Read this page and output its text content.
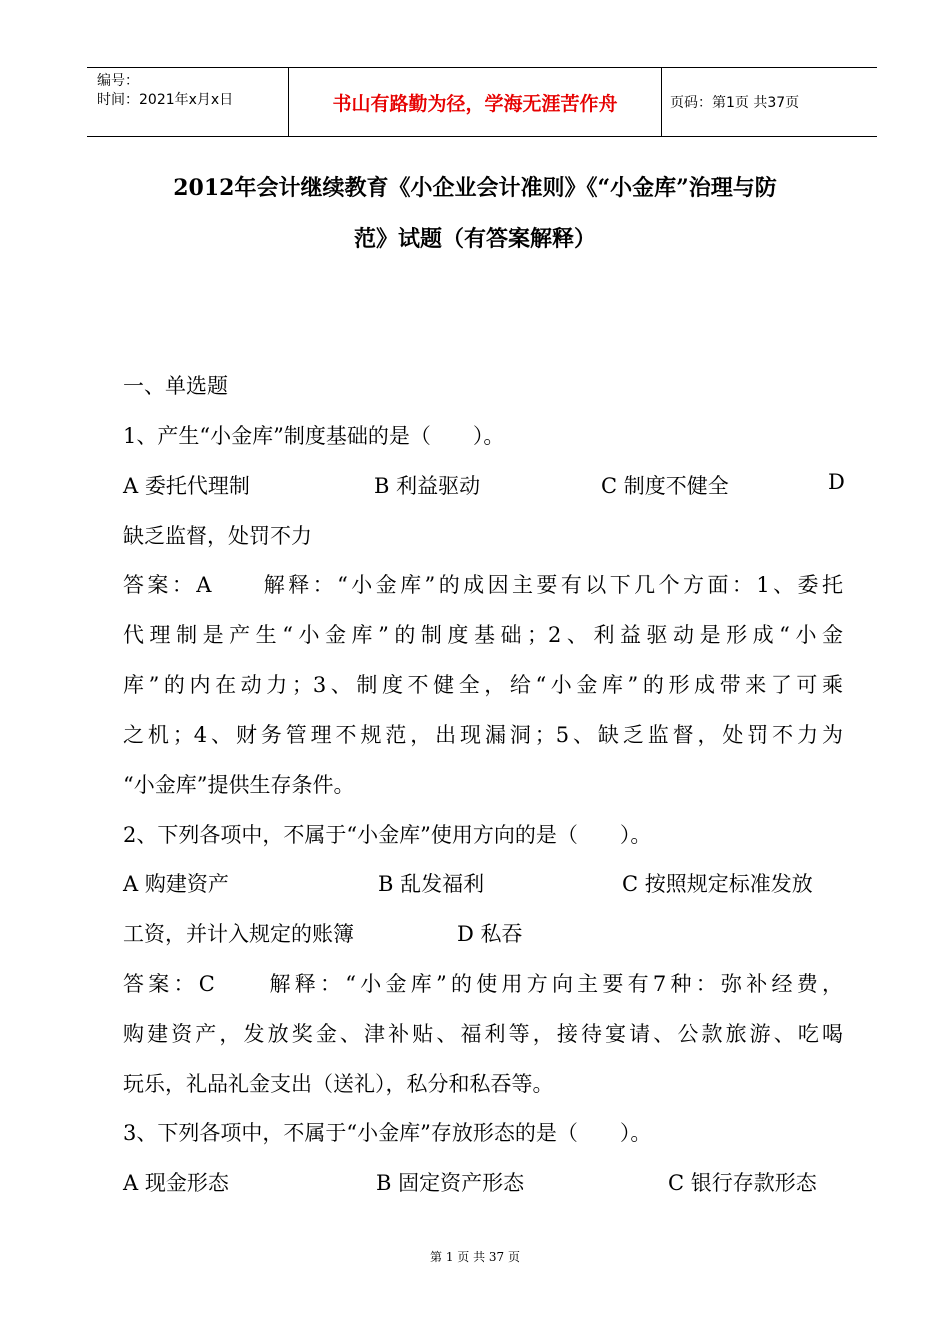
编号：
时间：2021年x月x日	书山有路勤为径，学海无涯苦作舟	页码：第1页 共37页
2012年会计继续教育《小企业会计准则》《“小金库”治理与防
范》试题（有答案解释）
一、单选题
1、产生“小金库”制度基础的是（　　）。
A 委托代理制	B 利益驱动	C 制度不健全	D
缺乏监督，处罚不力
答案：A　　解释：“小金库”的成因主要有以下几个方面：1、委托
代理制是产生“小金库”的制度基础；2、利益驱动是形成“小金
库”的内在动力；3、制度不健全，给“小金库”的形成带来了可乘
之机；4、财务管理不规范，出现漏洞；5、缺乏监督，处罚不力为
“小金库”提供生存条件。
2、下列各项中，不属于“小金库”使用方向的是（　　）。
A 购建资产	B 乱发福利	C 按照规定标准发放
工资，并计入规定的账簿	D 私吞
答案：C　　解释：“小金库”的使用方向主要有7种：弥补经费，
购建资产，发放奖金、津补贴、福利等，接待宴请、公款旅游、吃喝
玩乐，礼品礼金支出（送礼），私分和私吞等。
3、下列各项中，不属于“小金库”存放形态的是（　　）。
A 现金形态	B 固定资产形态	C 银行存款形态
第 1 页 共 37 页
